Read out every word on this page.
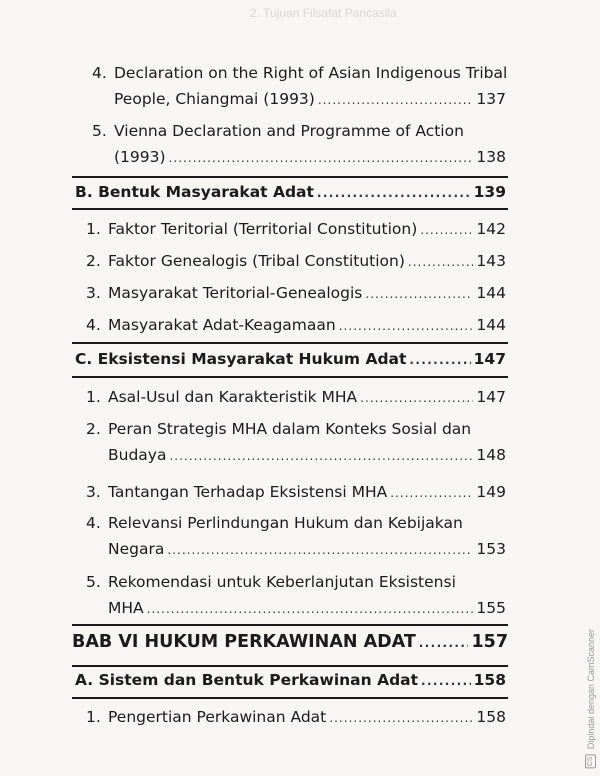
2. Tujuan Filsafat Pancasila
4. Declaration on the Right of Asian Indigenous Tribal
People, Chiangmai (1993) . . .	137
5. Vienna Declaration and Programme of Action
(1993) . . .	138
B. Bentuk Masyarakat Adat . . .	139
1. Faktor Teritorial (Territorial Constitution) . . .	142
2. Faktor Genealogis (Tribal Constitution) . . .	143
3. Masyarakat Teritorial-Genealogis . . .	144
4. Masyarakat Adat-Keagamaan . . .	144
C. Eksistensi Masyarakat Hukum Adat . . .	147
1. Asal-Usul dan Karakteristik MHA . . .	147
2. Peran Strategis MHA dalam Konteks Sosial dan
Budaya . . .	148
3. Tantangan Terhadap Eksistensi MHA . . .	149
4. Relevansi Perlindungan Hukum dan Kebijakan
Negara . . .	153
5. Rekomendasi untuk Keberlanjutan Eksistensi
MHA . . .	155
BAB VI HUKUM PERKAWINAN ADAT . . .	157
A. Sistem dan Bentuk Perkawinan Adat . . .	158
1. Pengertian Perkawinan Adat . . .	158
CS Dipindai dengan CamScanner
